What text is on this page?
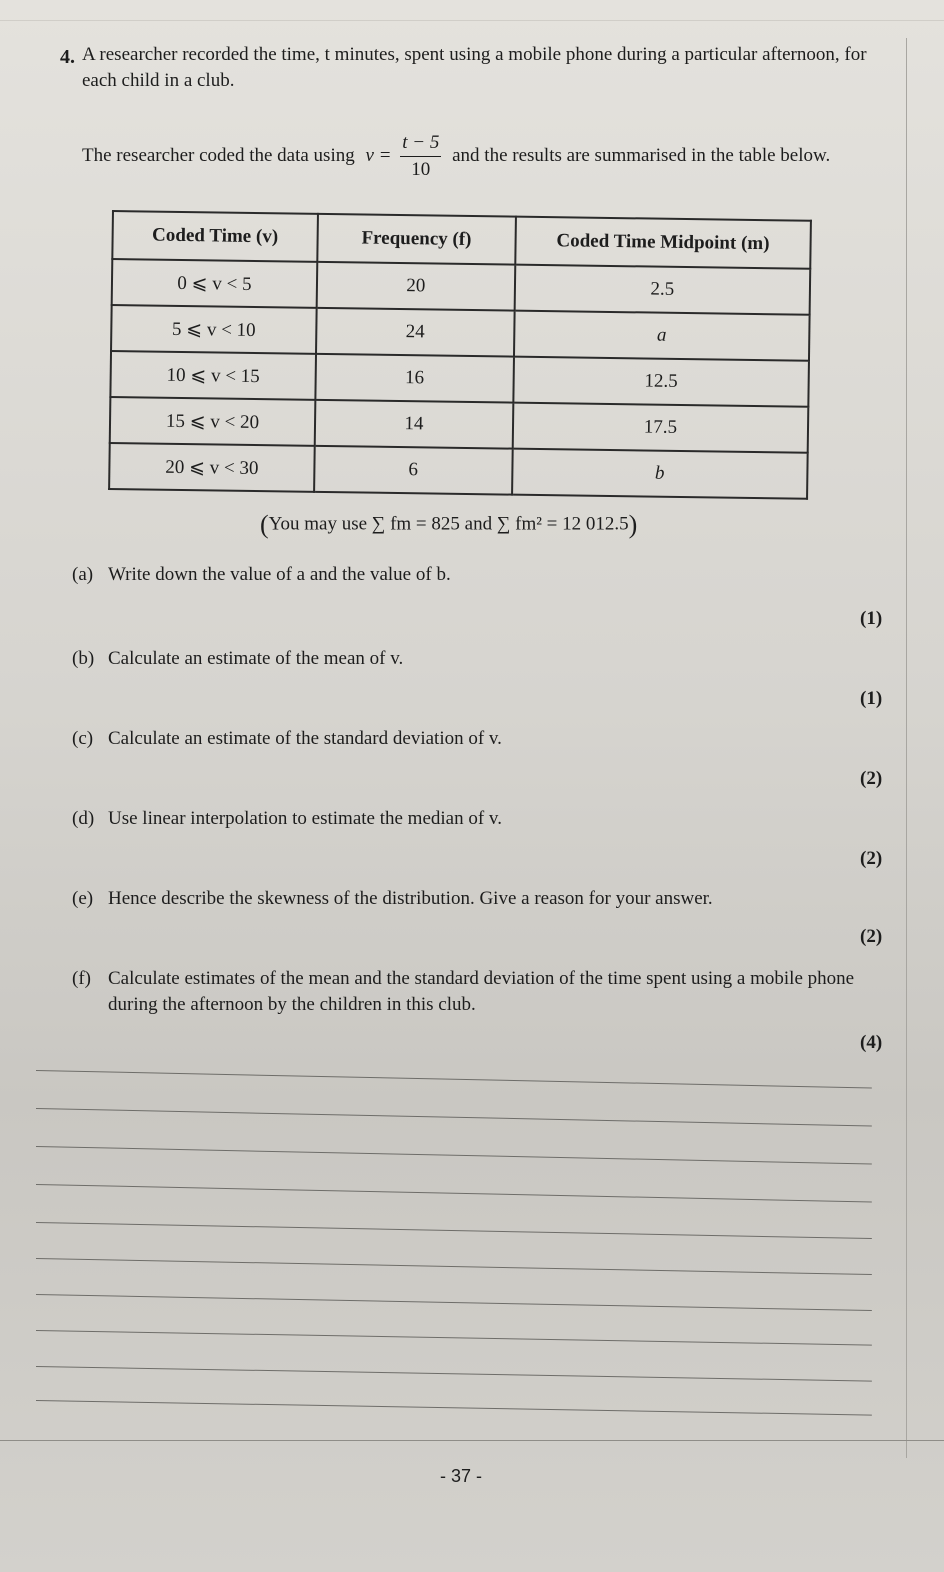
4. A researcher recorded the time, t minutes, spent using a mobile phone during a particular afternoon, for each child in a club.
The researcher coded the data using $v = \frac{t - 5}{10}$ and the results are summarised in the table below.
Coded Time (v)	Frequency (f)	Coded Time Midpoint (m)
0 ⩽ v < 5	20	2.5
5 ⩽ v < 10	24	a
10 ⩽ v < 15	16	12.5
15 ⩽ v < 20	14	17.5
20 ⩽ v < 30	6	b
(You may use ∑ fm = 825 and ∑ fm² = 12 012.5)
(a) Write down the value of a and the value of b.
(1)
(b) Calculate an estimate of the mean of v.
(1)
(c) Calculate an estimate of the standard deviation of v.
(2)
(d) Use linear interpolation to estimate the median of v.
(2)
(e) Hence describe the skewness of the distribution. Give a reason for your answer.
(2)
(f) Calculate estimates of the mean and the standard deviation of the time spent using a mobile phone during the afternoon by the children in this club.
(4)
- 37 -
